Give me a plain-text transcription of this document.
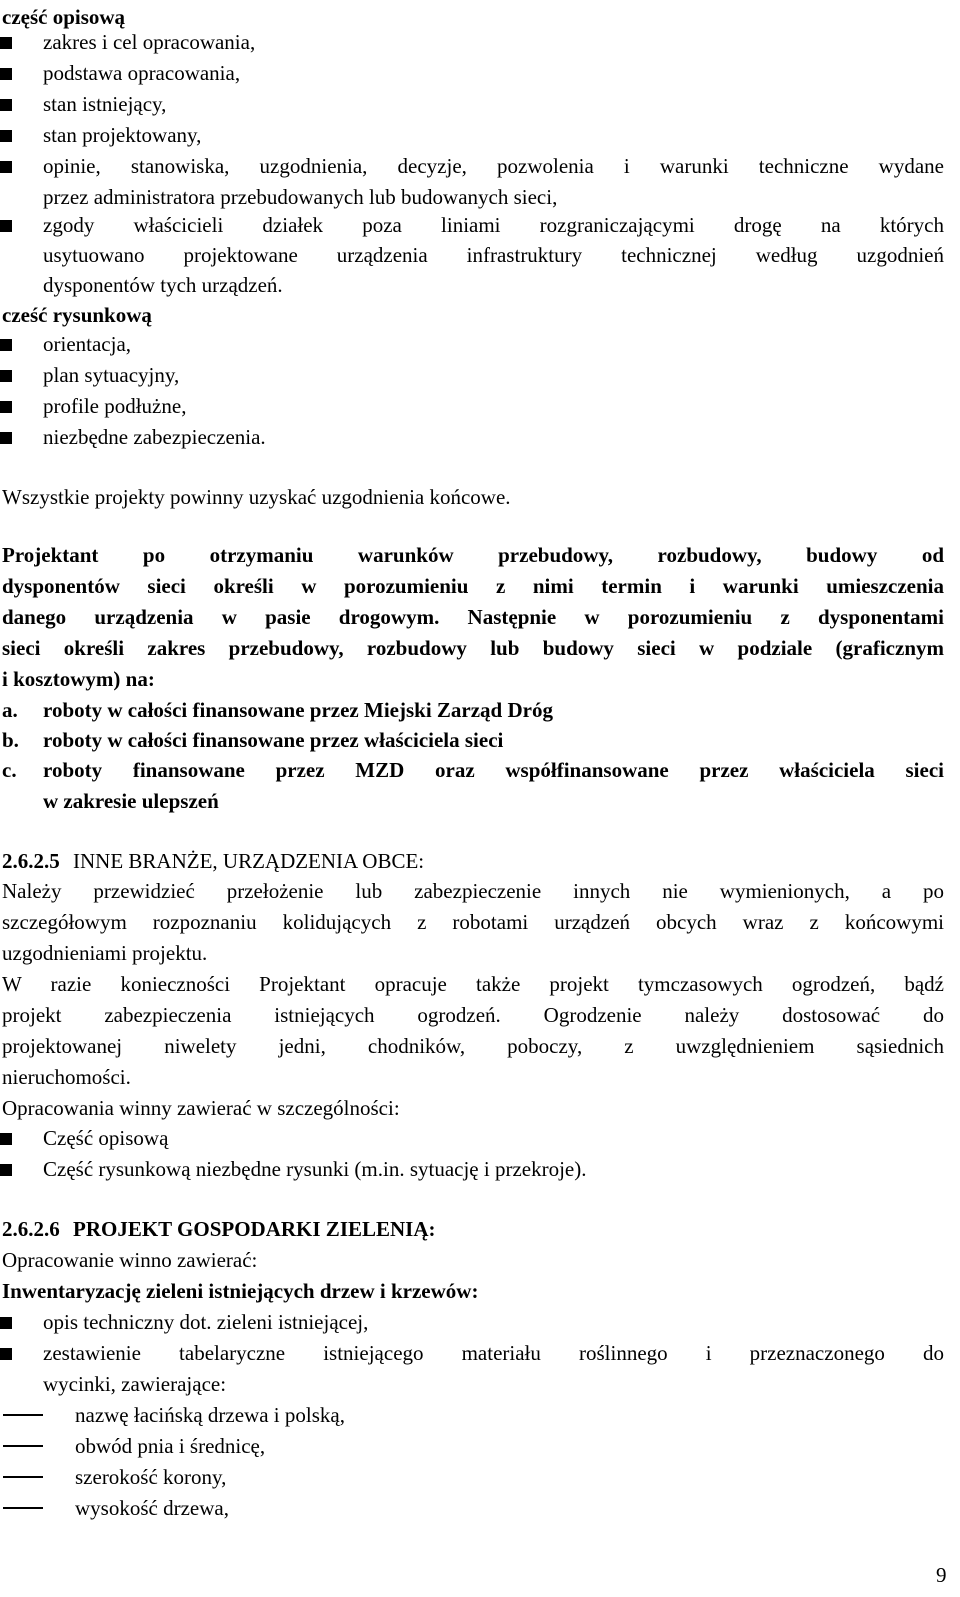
część opisową
zakres i cel opracowania,
podstawa opracowania,
stan istniejący,
stan projektowany,
opinie, stanowiska, uzgodnienia, decyzje, pozwolenia i warunki techniczne wydane
przez administratora przebudowanych lub budowanych sieci,
zgody właścicieli działek poza liniami rozgraniczającymi drogę na których
usytuowano projektowane urządzenia infrastruktury technicznej według uzgodnień
dysponentów tych urządzeń.
cześć rysunkową
orientacja,
plan sytuacyjny,
profile podłużne,
niezbędne zabezpieczenia.
Wszystkie projekty powinny uzyskać uzgodnienia końcowe.
Projektant po otrzymaniu warunków przebudowy, rozbudowy, budowy od
dysponentów sieci określi w porozumieniu z nimi termin i warunki umieszczenia
danego urządzenia w pasie drogowym. Następnie w porozumieniu z dysponentami
sieci określi zakres przebudowy, rozbudowy lub budowy sieci w podziale (graficznym
i kosztowym) na:
a. roboty w całości finansowane przez Miejski Zarząd Dróg
b. roboty w całości finansowane przez właściciela sieci
c. roboty finansowane przez MZD oraz współfinansowane przez właściciela sieci
w zakresie ulepszeń
2.6.2.5 INNE BRANŻE, URZĄDZENIA OBCE:
Należy przewidzieć przełożenie lub zabezpieczenie innych nie wymienionych, a po
szczegółowym rozpoznaniu kolidujących z robotami urządzeń obcych wraz z końcowymi
uzgodnieniami projektu.
W razie konieczności Projektant opracuje także projekt tymczasowych ogrodzeń, bądź
projekt zabezpieczenia istniejących ogrodzeń. Ogrodzenie należy dostosować do
projektowanej niwelety jedni, chodników, poboczy, z uwzględnieniem sąsiednich
nieruchomości.
Opracowania winny zawierać w szczególności:
Część opisową
Część rysunkową niezbędne rysunki (m.in. sytuację i przekroje).
2.6.2.6 PROJEKT GOSPODARKI ZIELENIĄ:
Opracowanie winno zawierać:
Inwentaryzację zieleni istniejących drzew i krzewów:
opis techniczny dot. zieleni istniejącej,
zestawienie tabelaryczne istniejącego materiału roślinnego i przeznaczonego do
wycinki, zawierające:
nazwę łacińską drzewa i polską,
obwód pnia i średnicę,
szerokość korony,
wysokość drzewa,
9
